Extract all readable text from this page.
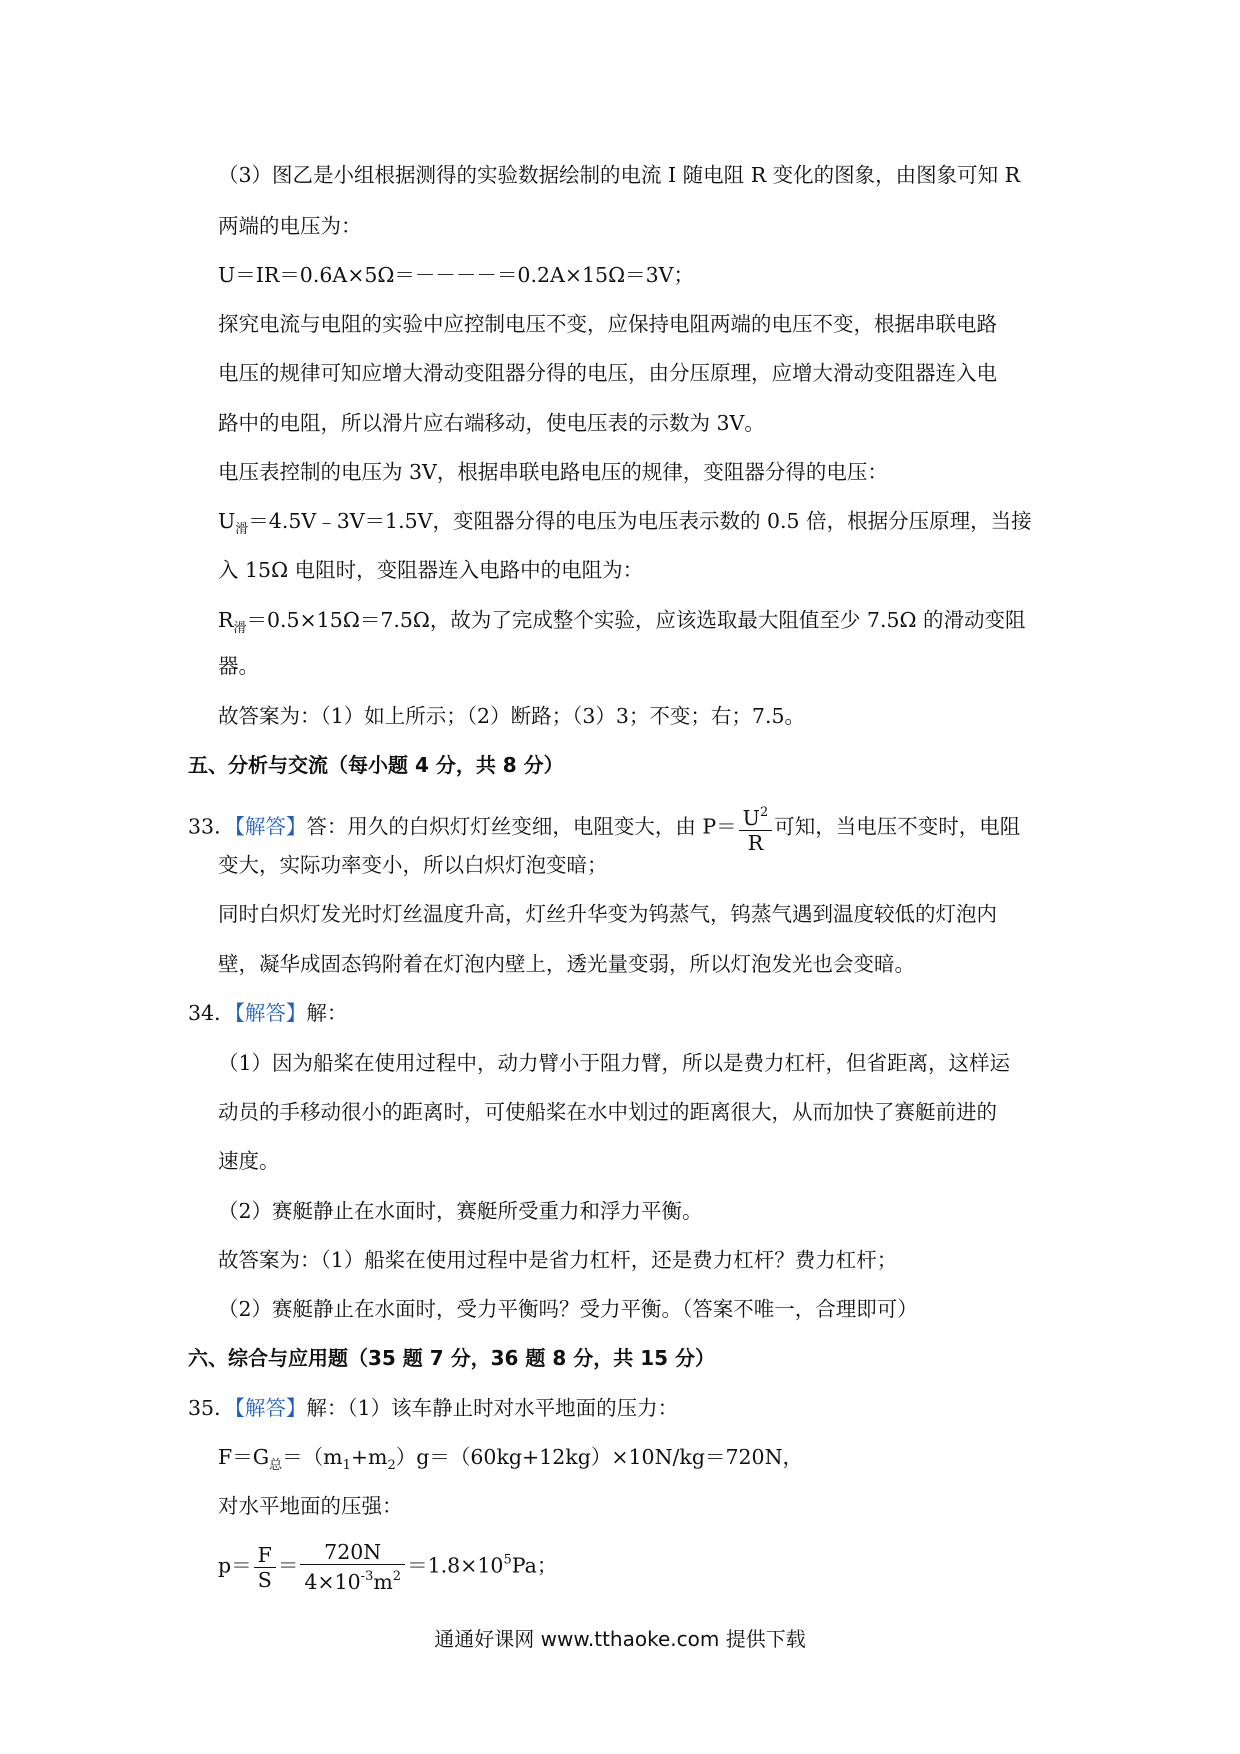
（3）图乙是小组根据测得的实验数据绘制的电流 I 随电阻 R 变化的图象，由图象可知 R
两端的电压为：
U＝IR＝0.6A×5Ω＝－－－－＝0.2A×15Ω＝3V；
探究电流与电阻的实验中应控制电压不变，应保持电阻两端的电压不变，根据串联电路
电压的规律可知应增大滑动变阻器分得的电压，由分压原理，应增大滑动变阻器连入电
路中的电阻，所以滑片应右端移动，使电压表的示数为 3V。
电压表控制的电压为 3V，根据串联电路电压的规律，变阻器分得的电压：
$U_滑=4.5V﹣3V=1.5V$，变阻器分得的电压为电压表示数的 0.5 倍，根据分压原理，当接
入 15Ω 电阻时，变阻器连入电路中的电阻为：
$R_滑=0.5\times 15\Omega=7.5\Omega$，故为了完成整个实验，应该选取最大阻值至少 7.5Ω 的滑动变阻
器。
故答案为：（1）如上所示；（2）断路；（3）3；不变；右；7.5。
五、分析与交流（每小题 4 分，共 8 分）
33．【解答】答：用久的白炽灯灯丝变细，电阻变大，由 $P= \frac{U^2}{R}$ 可知，当电压不变时，电阻
变大，实际功率变小，所以白炽灯泡变暗；
同时白炽灯发光时灯丝温度升高，灯丝升华变为钨蒸气，钨蒸气遇到温度较低的灯泡内
壁，凝华成固态钨附着在灯泡内壁上，透光量变弱，所以灯泡发光也会变暗。
34．【解答】解：
（1）因为船桨在使用过程中，动力臂小于阻力臂，所以是费力杠杆，但省距离，这样运
动员的手移动很小的距离时，可使船桨在水中划过的距离很大，从而加快了赛艇前进的
速度。
（2）赛艇静止在水面时，赛艇所受重力和浮力平衡。
故答案为：（1）船桨在使用过程中是省力杠杆，还是费力杠杆？费力杠杆；
（2）赛艇静止在水面时，受力平衡吗？受力平衡。（答案不唯一，合理即可）
六、综合与应用题（35 题 7 分，36 题 8 分，共 15 分）
35．【解答】解：（1）该车静止时对水平地面的压力：
$F=G_总=(m_1+m_2)g=(60kg+12kg)\times 10N/kg=720N$，
对水平地面的压强：
$p= \frac{F}{S} = \frac{720N}{4\times 10^{-3}m^2} =1.8\times 10^5Pa$；
通通好课网 www.tthaoke.com 提供下载
